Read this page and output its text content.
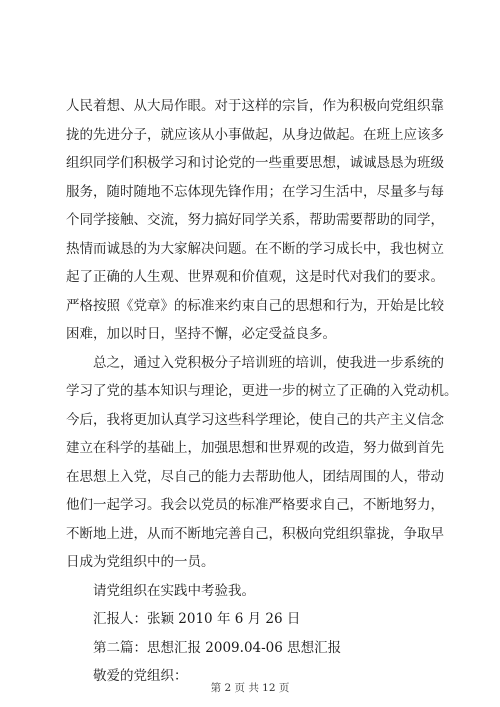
人民着想、从大局作眼。对于这样的宗旨，作为积极向党组织靠
拢的先进分子，就应该从小事做起，从身边做起。在班上应该多
组织同学们积极学习和讨论党的一些重要思想，诚诚恳恳为班级
服务，随时随地不忘体现先锋作用；在学习生活中，尽量多与每
个同学接触、交流，努力搞好同学关系，帮助需要帮助的同学，
热情而诚恳的为大家解决问题。在不断的学习成长中，我也树立
起了正确的人生观、世界观和价值观，这是时代对我们的要求。
严格按照《党章》的标准来约束自己的思想和行为，开始是比较
困难，加以时日，坚持不懈，必定受益良多。
总之，通过入党积极分子培训班的培训，使我进一步系统的
学习了党的基本知识与理论，更进一步的树立了正确的入党动机。
今后，我将更加认真学习这些科学理论，使自己的共产主义信念
建立在科学的基础上，加强思想和世界观的改造，努力做到首先
在思想上入党，尽自己的能力去帮助他人，团结周围的人，带动
他们一起学习。我会以党员的标准严格要求自己，不断地努力，
不断地上进，从而不断地完善自己，积极向党组织靠拢，争取早
日成为党组织中的一员。
请党组织在实践中考验我。
汇报人：张颖 2010 年 6 月 26 日
第二篇：思想汇报 2009.04-06 思想汇报
敬爱的党组织：
第 2 页 共 12 页
